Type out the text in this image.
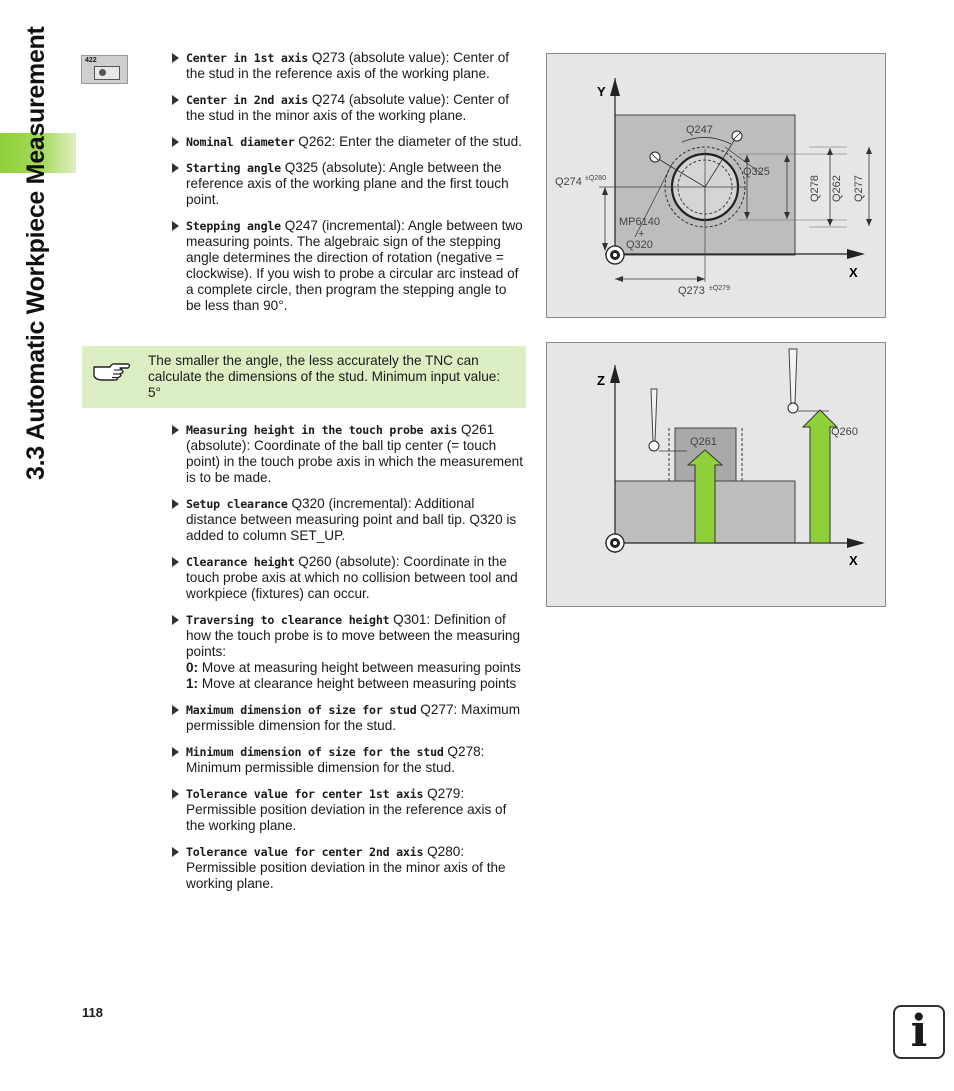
3.3 Automatic Workpiece Measurement	422	Center in 1st axis Q273 (absolute value): Center of the stud in the reference axis of the working plane.
Center in 2nd axis Q274 (absolute value): Center of the stud in the minor axis of the working plane.
Nominal diameter Q262: Enter the diameter of the stud.
Starting angle Q325 (absolute): Angle between the reference axis of the working plane and the first touch point.
Stepping angle Q247 (incremental): Angle between two measuring points. The algebraic sign of the stepping angle determines the direction of rotation (negative = clockwise). If you wish to probe a circular arc instead of a complete circle, then program the stepping angle to be less than 90°.
The smaller the angle, the less accurately the TNC can calculate the dimensions of the stud. Minimum input value: 5°
Measuring height in the touch probe axis Q261 (absolute): Coordinate of the ball tip center (= touch point) in the touch probe axis in which the measurement is to be made.
Setup clearance Q320 (incremental): Additional distance between measuring point and ball tip. Q320 is added to column SET_UP.
Clearance height Q260 (absolute): Coordinate in the touch probe axis at which no collision between tool and workpiece (fixtures) can occur.
Traversing to clearance height Q301: Definition of how the touch probe is to move between the measuring points:
0: Move at measuring height between measuring points
1: Move at clearance height between measuring points
Maximum dimension of size for stud Q277: Maximum permissible dimension for the stud.
Minimum dimension of size for the stud Q278: Minimum permissible dimension for the stud.
Tolerance value for center 1st axis Q279: Permissible position deviation in the reference axis of the working plane.
Tolerance value for center 2nd axis Q280: Permissible position deviation in the minor axis of the working plane.
Y
X
Q247
Q325
Q274 ±Q280
MP6140
+
Q320
Q273 ±Q279
Q278 Q262 Q277
Z
X
Q261
Q260
118	i
